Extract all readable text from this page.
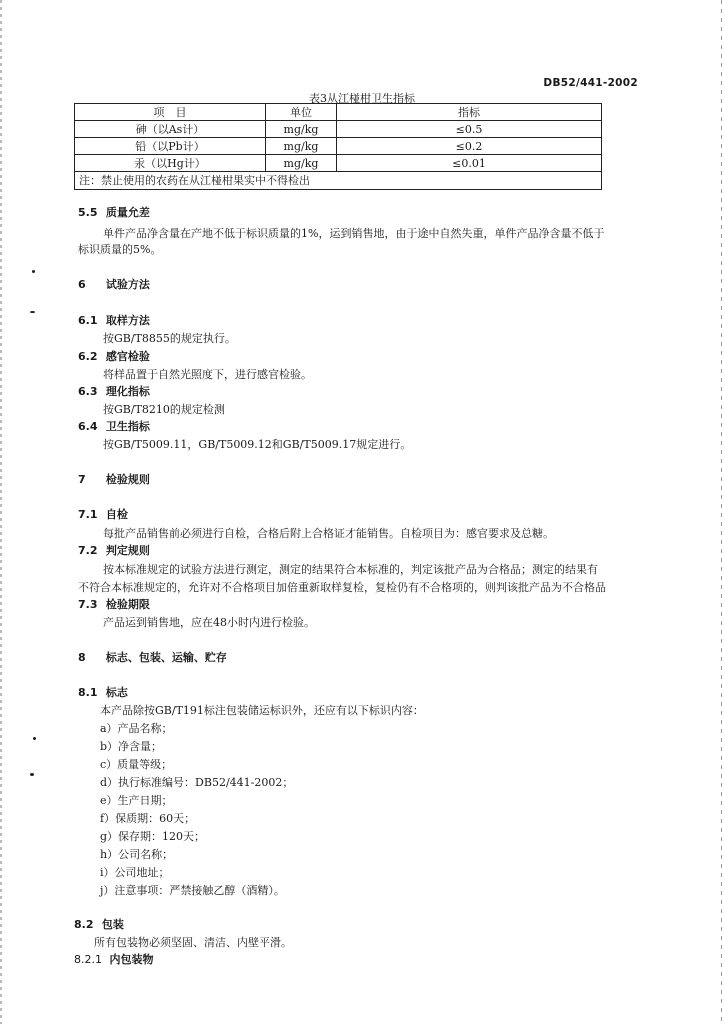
DB52/441-2002
表3从江椪柑卫生指标
项　目	单位	指标
砷（以As计）	mg/kg	≤0.5
铅（以Pb计）	mg/kg	≤0.2
汞（以Hg计）	mg/kg	≤0.01
注：禁止使用的农药在从江椪柑果实中不得检出		
5.5 质量允差
单件产品净含量在产地不低于标识质量的1%，运到销售地，由于途中自然失重，单件产品净含量不低于
标识质量的5%。
6 试验方法
6.1 取样方法
按GB/T8855的规定执行。
6.2 感官检验
将样品置于自然光照度下，进行感官检验。
6.3 理化指标
按GB/T8210的规定检测
6.4 卫生指标
按GB/T5009.11，GB/T5009.12和GB/T5009.17规定进行。
7 检验规则
7.1 自检
每批产品销售前必须进行自检，合格后附上合格证才能销售。自检项目为：感官要求及总糖。
7.2 判定规则
按本标准规定的试验方法进行测定，测定的结果符合本标准的，判定该批产品为合格品；测定的结果有
不符合本标准规定的，允许对不合格项目加倍重新取样复检，复检仍有不合格项的，则判该批产品为不合格品
7.3 检验期限
产品运到销售地，应在48小时内进行检验。
8 标志、包装、运输、贮存
8.1 标志
本产品除按GB/T191标注包装储运标识外，还应有以下标识内容：
a）产品名称；
b）净含量；
c）质量等级；
d）执行标准编号：DB52/441-2002；
e）生产日期；
f）保质期：60天；
g）保存期：120天；
h）公司名称；
i）公司地址；
j）注意事项：严禁接触乙醇（酒精）。
8.2 包装
所有包装物必须坚固、清洁、内壁平滑。
8.2.1 内包装物
